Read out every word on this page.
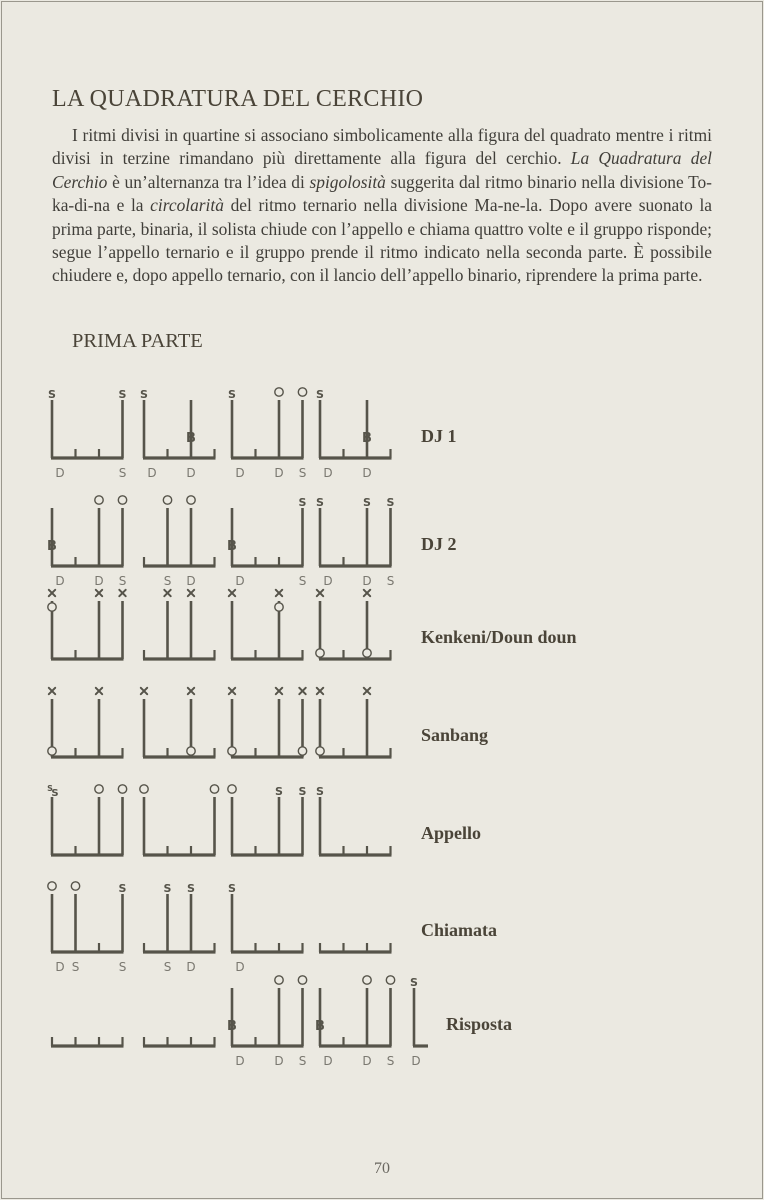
LA QUADRATURA DEL CERCHIO

I ritmi divisi in quartine si associano simbolicamente alla figura del quadrato mentre i ritmi divisi in terzine rimandano più direttamente alla figura del cerchio. La Quadratura del Cerchio è un’alternanza tra l’idea di spigolosità suggerita dal ritmo binario nella divisione To-ka-di-na e la circolarità del ritmo ternario nella divisione Ma-ne-la. Dopo avere suonato la prima parte, binaria, il solista chiude con l’appello e chiama quattro volte e il gruppo risponde; segue l’appello ternario e il gruppo prende il ritmo indicato nella seconda parte. È possibile chiudere e, dopo appello ternario, con il lancio dell’appello binario, riprendere la prima parte.

PRIMA PARTE
S
D
S
S
S
D
B
D
S
D D S
S
D
B
D
DJ 1
B
D D S	S D
B
D
S
S
S
D
S
D
S
S
DJ 2
Kenkeni/Doun doun
Sanbang
S
S	S S S
Appello
D S
S
S
S
S
S
D
S
D
Chiamata
B
D D S
B
D D S
S
D
Risposta
70
